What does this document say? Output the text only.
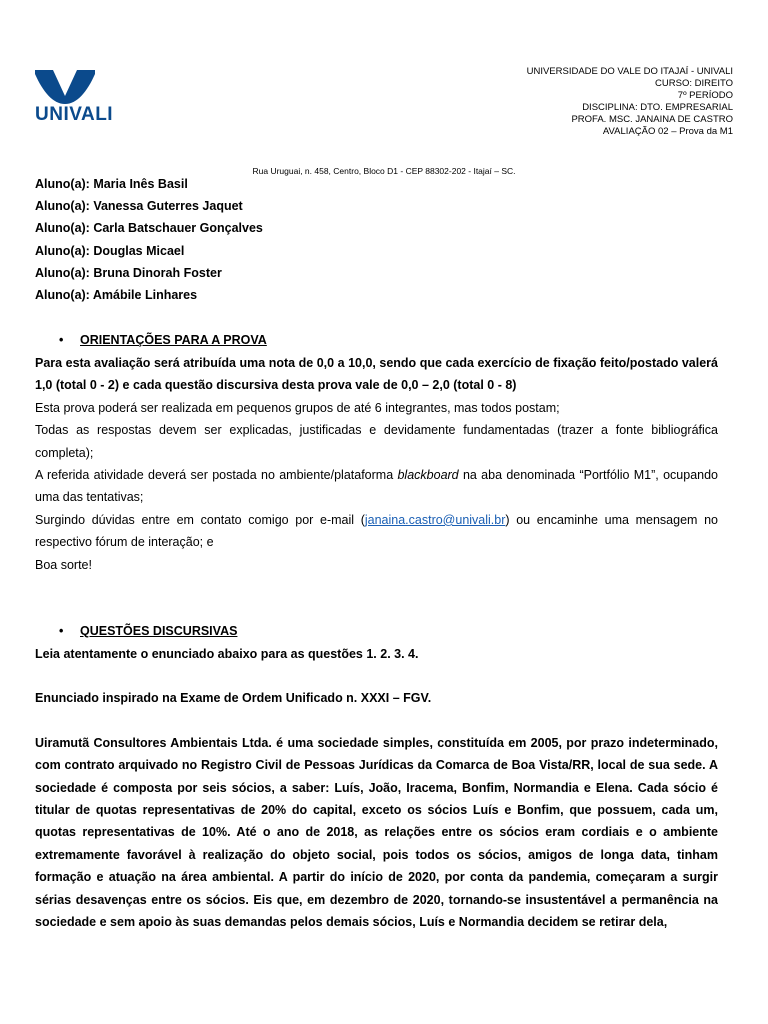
UNIVALI
UNIVERSIDADE DO VALE DO ITAJAÍ - UNIVALI
CURSO: DIREITO
7º PERÍODO
DISCIPLINA: DTO. EMPRESARIAL
PROFA. MSC. JANAINA DE CASTRO
AVALIAÇÃO 02 – Prova da M1
Rua Uruguai, n. 458, Centro, Bloco D1 - CEP 88302-202 - Itajaí – SC.
Aluno(a): Maria Inês Basil
Aluno(a): Vanessa Guterres Jaquet
Aluno(a): Carla Batschauer Gonçalves
Aluno(a): Douglas Micael
Aluno(a): Bruna Dinorah Foster
Aluno(a): Amábile Linhares
• ORIENTAÇÕES PARA A PROVA

Para esta avaliação será atribuída uma nota de 0,0 a 10,0, sendo que cada exercício de fixação feito/postado valerá 1,0 (total 0 - 2) e cada questão discursiva desta prova vale de 0,0 – 2,0 (total 0 - 8)

Esta prova poderá ser realizada em pequenos grupos de até 6 integrantes, mas todos postam;

Todas as respostas devem ser explicadas, justificadas e devidamente fundamentadas (trazer a fonte bibliográfica completa);

A referida atividade deverá ser postada no ambiente/plataforma blackboard na aba denominada “Portfólio M1”, ocupando uma das tentativas;

Surgindo dúvidas entre em contato comigo por e-mail (janaina.castro@univali.br) ou encaminhe uma mensagem no respectivo fórum de interação; e

Boa sorte!

• QUESTÕES DISCURSIVAS

Leia atentamente o enunciado abaixo para as questões 1. 2. 3. 4.

Enunciado inspirado na Exame de Ordem Unificado n. XXXI – FGV.

Uiramutã Consultores Ambientais Ltda. é uma sociedade simples, constituída em 2005, por prazo indeterminado, com contrato arquivado no Registro Civil de Pessoas Jurídicas da Comarca de Boa Vista/RR, local de sua sede. A sociedade é composta por seis sócios, a saber: Luís, João, Iracema, Bonfim, Normandia e Elena. Cada sócio é titular de quotas representativas de 20% do capital, exceto os sócios Luís e Bonfim, que possuem, cada um, quotas representativas de 10%. Até o ano de 2018, as relações entre os sócios eram cordiais e o ambiente extremamente favorável à realização do objeto social, pois todos os sócios, amigos de longa data, tinham formação e atuação na área ambiental. A partir do início de 2020, por conta da pandemia, começaram a surgir sérias desavenças entre os sócios. Eis que, em dezembro de 2020, tornando-se insustentável a permanência na sociedade e sem apoio às suas demandas pelos demais sócios, Luís e Normandia decidem se retirar dela,
